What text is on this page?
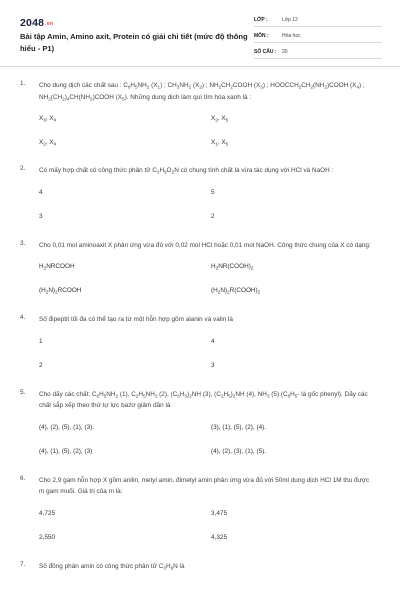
2048.vn
Bài tập Amin, Amino axit, Protein có giải chi tiết (mức độ thông hiểu - P1)
LỚP :	Lớp 12
MÔN :	Hóa học
SỐ CÂU :	20
1. Cho dung dịch các chất sau : $C_6H_5NH_2$ $(X_1)$ ; $CH_3NH_2$ $(X_2)$ ; $NH_2CH_2COOH$ $(X_3)$ ; $HOOCCH_2CH_2(NH_2)COOH$ $(X_4)$ ; $NH_2(CH_2)_4CH(NH_2)COOH$ $(X_5)$. Những dung dịch làm quì tím hóa xanh là :
$X_3$, $X_4$	$X_2$, $X_5$
$X_2$, $X_4$	$X_1$, $X_5$
2. Có mấy hợp chất có công thức phân tử $C_3H_9O_2N$ có chung tính chất là vừa tác dụng với HCl và NaOH :
4	5
3	2
3. Cho 0,01 mol aminoaxit X phản ứng vừa đủ với 0,02 mol HCl hoặc 0,01 mol NaOH. Công thức chung của X có dạng:
$H_2NRCOOH$	$H_2NR(COOH)_2$
$(H_2N)_2RCOOH$	$(H_2N)_2R(COOH)_2$
4. Số đipeptit tối đa có thể tạo ra từ một hỗn hợp gồm alanin và valin là
1	4
2	3
5. Cho dãy các chất: $C_6H_5NH_2$ (1), $C_2H_5NH_2$ (2), $(C_6H_5)_2NH$ (3), $(C_2H_5)_2NH$ (4), $NH_3$ (5) ($C_6H_5-$ là gốc phenyl). Dãy các chất sắp xếp theo thứ tự lực bazơ giảm dần là
(4), (2), (5), (1), (3).	(3), (1), (5), (2), (4).
(4), (1), (5), (2), (3)	(4), (2), (3), (1), (5).
6. Cho 2,9 gam hỗn hợp X gồm anilin, metyl amin, đimetyl amin phản ứng vừa đủ với 50ml dung dịch HCl 1M thu được m gam muối. Giá trị của m là:
4,725	3,475
2,550	4,325
7. Số đồng phân amin có công thức phân tử $C_3H_9N$ là
